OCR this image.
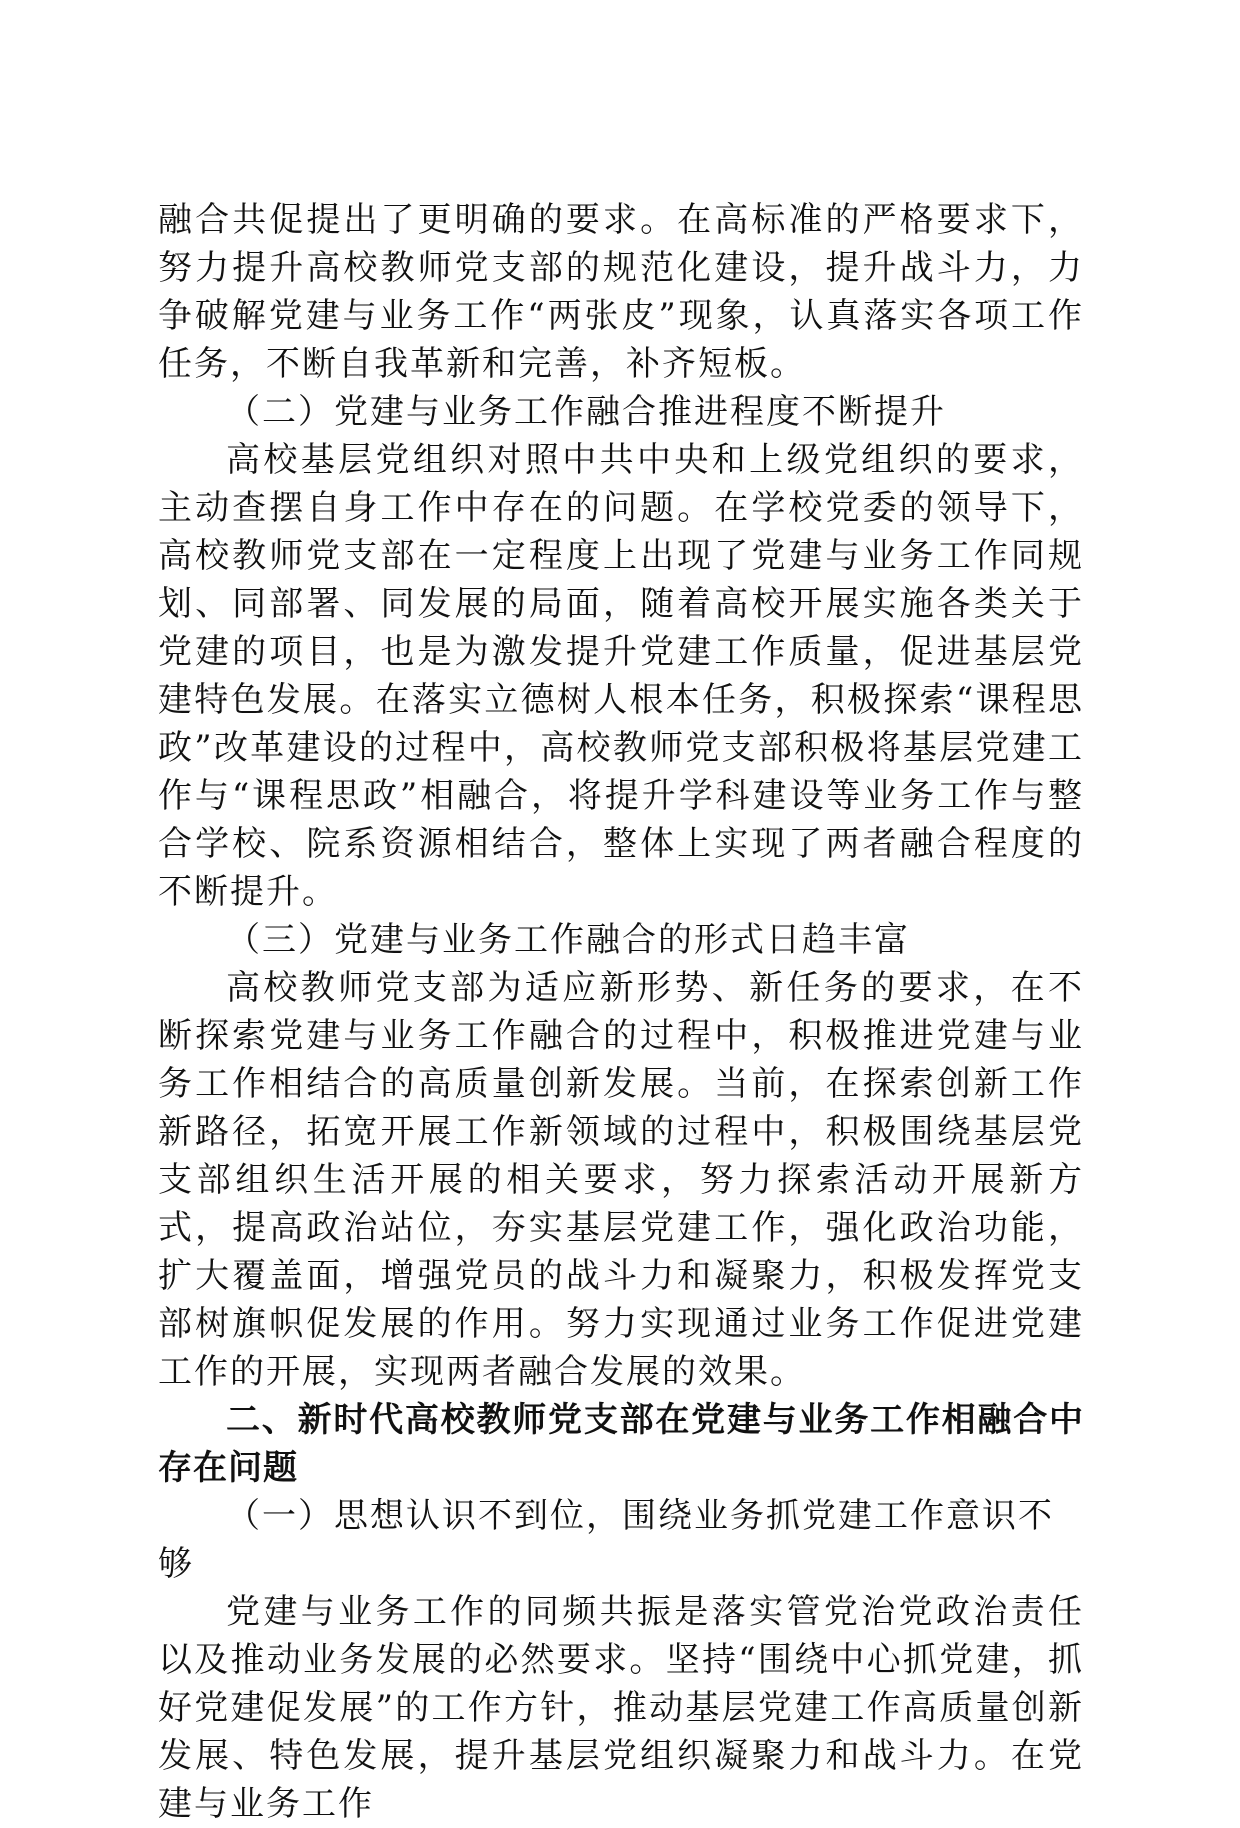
融合共促提出了更明确的要求。在高标准的严格要求下，努力提升高校教师党支部的规范化建设，提升战斗力，力争破解党建与业务工作“两张皮”现象，认真落实各项工作任务，不断自我革新和完善，补齐短板。

（二）党建与业务工作融合推进程度不断提升

高校基层党组织对照中共中央和上级党组织的要求，主动查摆自身工作中存在的问题。在学校党委的领导下，高校教师党支部在一定程度上出现了党建与业务工作同规划、同部署、同发展的局面，随着高校开展实施各类关于党建的项目，也是为激发提升党建工作质量，促进基层党建特色发展。在落实立德树人根本任务，积极探索“课程思政”改革建设的过程中，高校教师党支部积极将基层党建工作与“课程思政”相融合，将提升学科建设等业务工作与整合学校、院系资源相结合，整体上实现了两者融合程度的不断提升。

（三）党建与业务工作融合的形式日趋丰富

高校教师党支部为适应新形势、新任务的要求，在不断探索党建与业务工作融合的过程中，积极推进党建与业务工作相结合的高质量创新发展。当前，在探索创新工作新路径，拓宽开展工作新领域的过程中，积极围绕基层党支部组织生活开展的相关要求，努力探索活动开展新方式，提高政治站位，夯实基层党建工作，强化政治功能，扩大覆盖面，增强党员的战斗力和凝聚力，积极发挥党支部树旗帜促发展的作用。努力实现通过业务工作促进党建工作的开展，实现两者融合发展的效果。

二、新时代高校教师党支部在党建与业务工作相融合中存在问题

（一）思想认识不到位，围绕业务抓党建工作意识不够

党建与业务工作的同频共振是落实管党治党政治责任以及推动业务发展的必然要求。坚持“围绕中心抓党建，抓好党建促发展”的工作方针，推动基层党建工作高质量创新发展、特色发展，提升基层党组织凝聚力和战斗力。在党建与业务工作
